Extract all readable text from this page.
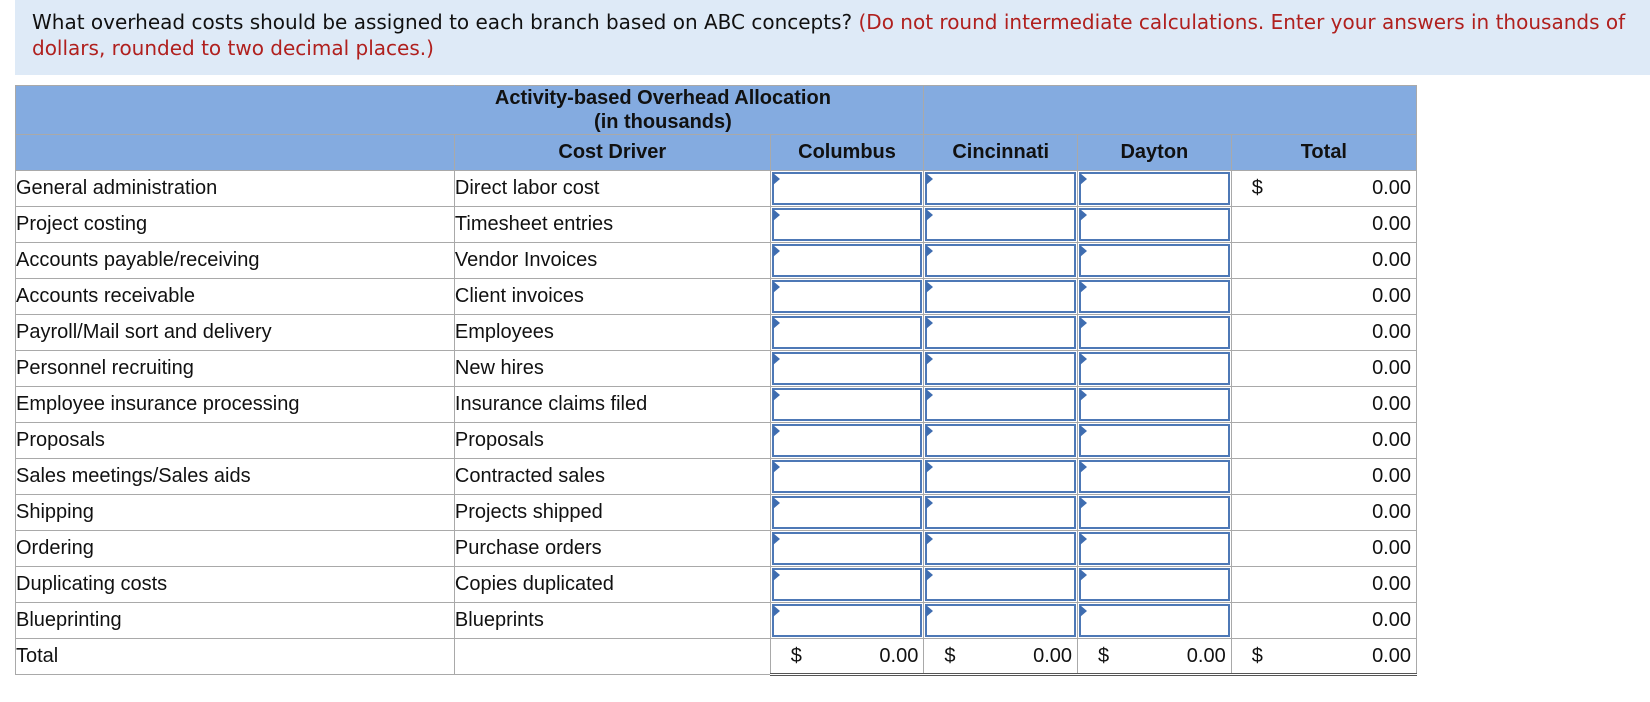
What overhead costs should be assigned to each branch based on ABC concepts? (Do not round intermediate calculations. Enter your answers in thousands of dollars, rounded to two decimal places.)

	Activity-based Overhead Allocation
(in thousands)				

	Cost Driver	Columbus	Cincinnati	Dayton	Total
General administration	Direct labor cost				$ 0.00

Project costing	Timesheet entries				0.00

Accounts payable/receiving	Vendor Invoices				0.00

Accounts receivable	Client invoices				0.00

Payroll/Mail sort and delivery	Employees				0.00

Personnel recruiting	New hires				0.00

Employee insurance processing	Insurance claims filed				0.00

Proposals	Proposals				0.00

Sales meetings/Sales aids	Contracted sales				0.00

Shipping	Projects shipped				0.00

Ordering	Purchase orders				0.00

Duplicating costs	Copies duplicated				0.00

Blueprinting	Blueprints				0.00

Total		$ 0.00	$ 0.00	$ 0.00	$ 0.00
